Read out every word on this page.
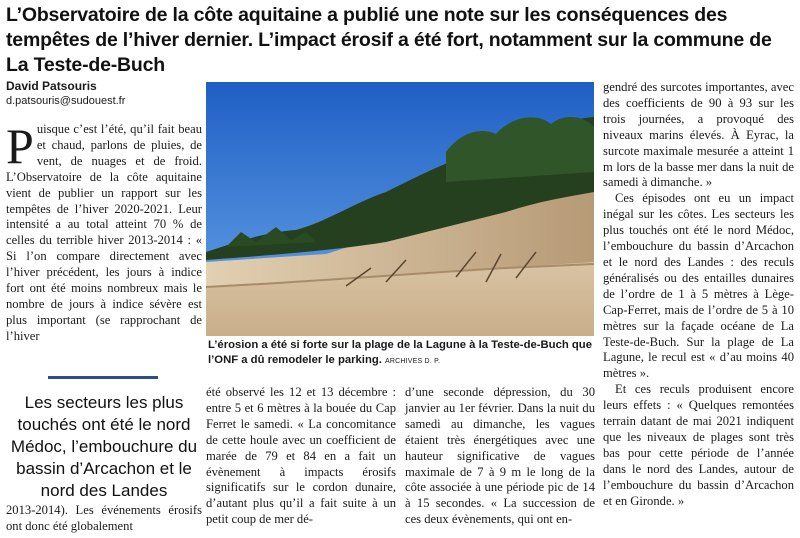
L’Observatoire de la côte aquitaine a publié une note sur les conséquences des tempêtes de l’hiver dernier. L’impact érosif a été fort, notamment sur la commune de La Teste-de-Buch
David Patsouris
d.patsouris@sudouest.fr
Puisque c’est l’été, qu’il fait beau et chaud, parlons de pluies, de vent, de nuages et de froid. L’Observatoire de la côte aquitaine vient de publier un rapport sur les tempêtes de l’hiver 2020-2021. Leur intensité a au total atteint 70 % de celles du terrible hiver 2013-2014 : « Si l’on compare directement avec l’hiver précédent, les jours à indice fort ont été moins nombreux mais le nombre de jours à indice sévère est plus important (se rapprochant de l’hiver

Les secteurs les plus touchés ont été le nord Médoc, l’embouchure du bassin d’Arcachon et le nord des Landes

2013-2014). Les événements érosifs ont donc été globalement

L’érosion a été si forte sur la plage de la Lagune à la Teste-de-Buch que l’ONF a dû remodeler le parking. ARCHIVES D. P.

été observé les 12 et 13 décembre : entre 5 et 6 mètres à la bouée du Cap Ferret le samedi. « La concomitance de cette houle avec un coefficient de marée de 79 et 84 en a fait un évènement à impacts érosifs significatifs sur le cordon dunaire, d’autant plus qu’il a fait suite à un petit coup de mer dé-

d’une seconde dépression, du 30 janvier au 1er février. Dans la nuit du samedi au dimanche, les vagues étaient très énergétiques avec une hauteur significative de vagues maximale de 7 à 9 m le long de la côte associée à une période pic de 14 à 15 secondes. « La succession de ces deux évènements, qui ont en-

gendré des surcotes importantes, avec des coefficients de 90 à 93 sur les trois journées, a provoqué des niveaux marins élevés. À Eyrac, la surcote maximale mesurée a atteint 1 m lors de la basse mer dans la nuit de samedi à dimanche. »

Ces épisodes ont eu un impact inégal sur les côtes. Les secteurs les plus touchés ont été le nord Médoc, l’embouchure du bassin d’Arcachon et le nord des Landes : des reculs généralisés ou des entailles dunaires de l’ordre de 1 à 5 mètres à Lège-Cap-Ferret, mais de l’ordre de 5 à 10 mètres sur la façade océane de La Teste-de-Buch. Sur la plage de La Lagune, le recul est « d’au moins 40 mètres ».

Et ces reculs produisent encore leurs effets : « Quelques remontées terrain datant de mai 2021 indiquent que les niveaux de plages sont très bas pour cette période de l’année dans le nord des Landes, autour de l’embouchure du bassin d’Arcachon et en Gironde. »
